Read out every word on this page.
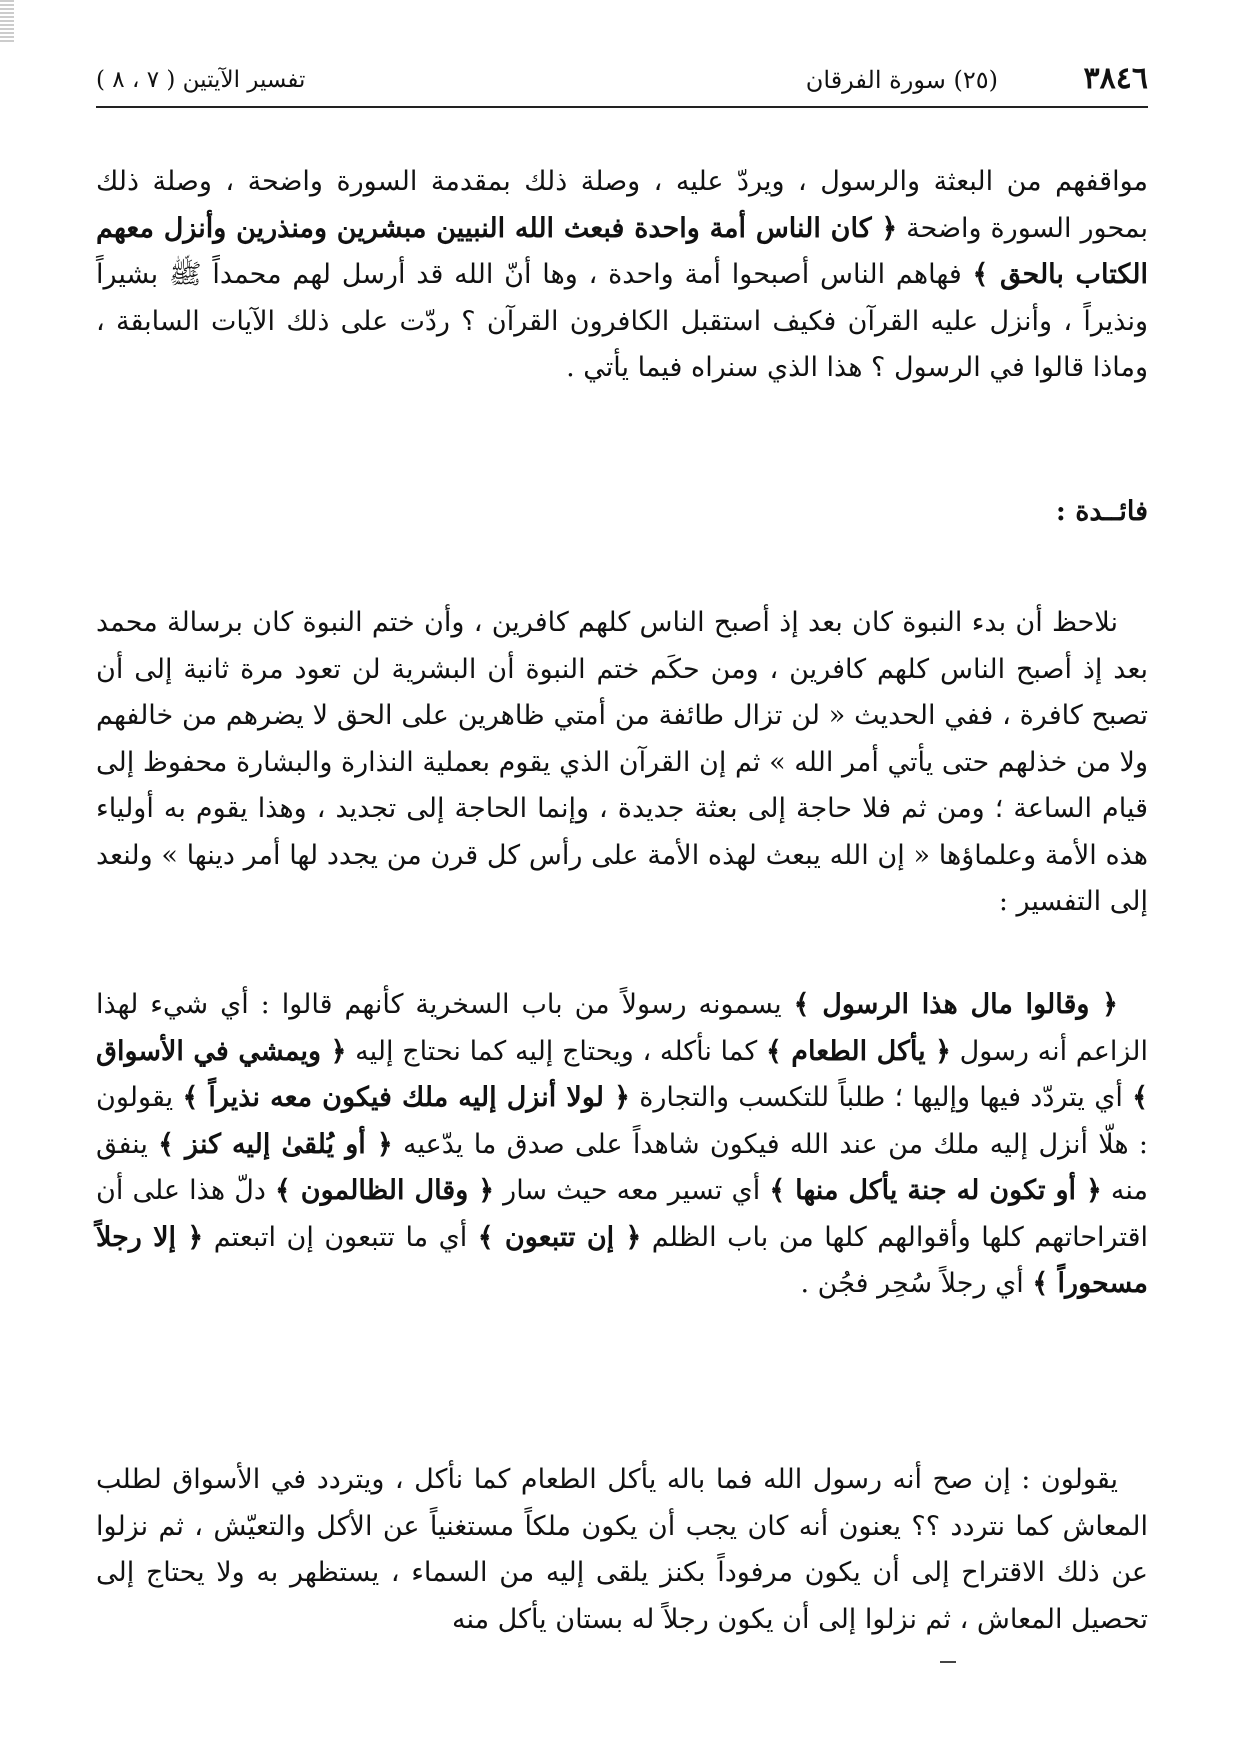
٣٨٤٦
(٢٥) سورة الفرقان
تفسير الآيتين ( ٧ ، ٨ )

مواقفهم من البعثة والرسول ، ويردّ عليه ، وصلة ذلك بمقدمة السورة واضحة ، وصلة ذلك بمحور السورة واضحة ﴿ كان الناس أمة واحدة فبعث الله النبيين مبشرين ومنذرين وأنزل معهم الكتاب بالحق ﴾ فهاهم الناس أصبحوا أمة واحدة ، وها أنّ الله قد أرسل لهم محمداً ﷺ بشيراً ونذيراً ، وأنزل عليه القرآن فكيف استقبل الكافرون القرآن ؟ ردّت على ذلك الآيات السابقة ، وماذا قالوا في الرسول ؟ هذا الذي سنراه فيما يأتي .

فائــدة :

نلاحظ أن بدء النبوة كان بعد إذ أصبح الناس كلهم كافرين ، وأن ختم النبوة كان برسالة محمد بعد إذ أصبح الناس كلهم كافرين ، ومن حكَم ختم النبوة أن البشرية لن تعود مرة ثانية إلى أن تصبح كافرة ، ففي الحديث « لن تزال طائفة من أمتي ظاهرين على الحق لا يضرهم من خالفهم ولا من خذلهم حتى يأتي أمر الله » ثم إن القرآن الذي يقوم بعملية النذارة والبشارة محفوظ إلى قيام الساعة ؛ ومن ثم فلا حاجة إلى بعثة جديدة ، وإنما الحاجة إلى تجديد ، وهذا يقوم به أولياء هذه الأمة وعلماؤها « إن الله يبعث لهذه الأمة على رأس كل قرن من يجدد لها أمر دينها » ولنعد إلى التفسير :

﴿ وقالوا مال هذا الرسول ﴾ يسمونه رسولاً من باب السخرية كأنهم قالوا : أي شيء لهذا الزاعم أنه رسول ﴿ يأكل الطعام ﴾ كما نأكله ، ويحتاج إليه كما نحتاج إليه ﴿ ويمشي في الأسواق ﴾ أي يتردّد فيها وإليها ؛ طلباً للتكسب والتجارة ﴿ لولا أنزل إليه ملك فيكون معه نذيراً ﴾ يقولون : هلّا أنزل إليه ملك من عند الله فيكون شاهداً على صدق ما يدّعيه ﴿ أو يُلقىٰ إليه كنز ﴾ ينفق منه ﴿ أو تكون له جنة يأكل منها ﴾ أي تسير معه حيث سار ﴿ وقال الظالمون ﴾ دلّ هذا على أن اقتراحاتهم كلها وأقوالهم كلها من باب الظلم ﴿ إن تتبعون ﴾ أي ما تتبعون إن اتبعتم ﴿ إلا رجلاً مسحوراً ﴾ أي رجلاً سُحِر فجُن .

يقولون : إن صح أنه رسول الله فما باله يأكل الطعام كما نأكل ، ويتردد في الأسواق لطلب المعاش كما نتردد ؟؟ يعنون أنه كان يجب أن يكون ملكاً مستغنياً عن الأكل والتعيّش ، ثم نزلوا عن ذلك الاقتراح إلى أن يكون مرفوداً بكنز يلقى إليه من السماء ، يستظهر به ولا يحتاج إلى تحصيل المعاش ، ثم نزلوا إلى أن يكون رجلاً له بستان يأكل منه
